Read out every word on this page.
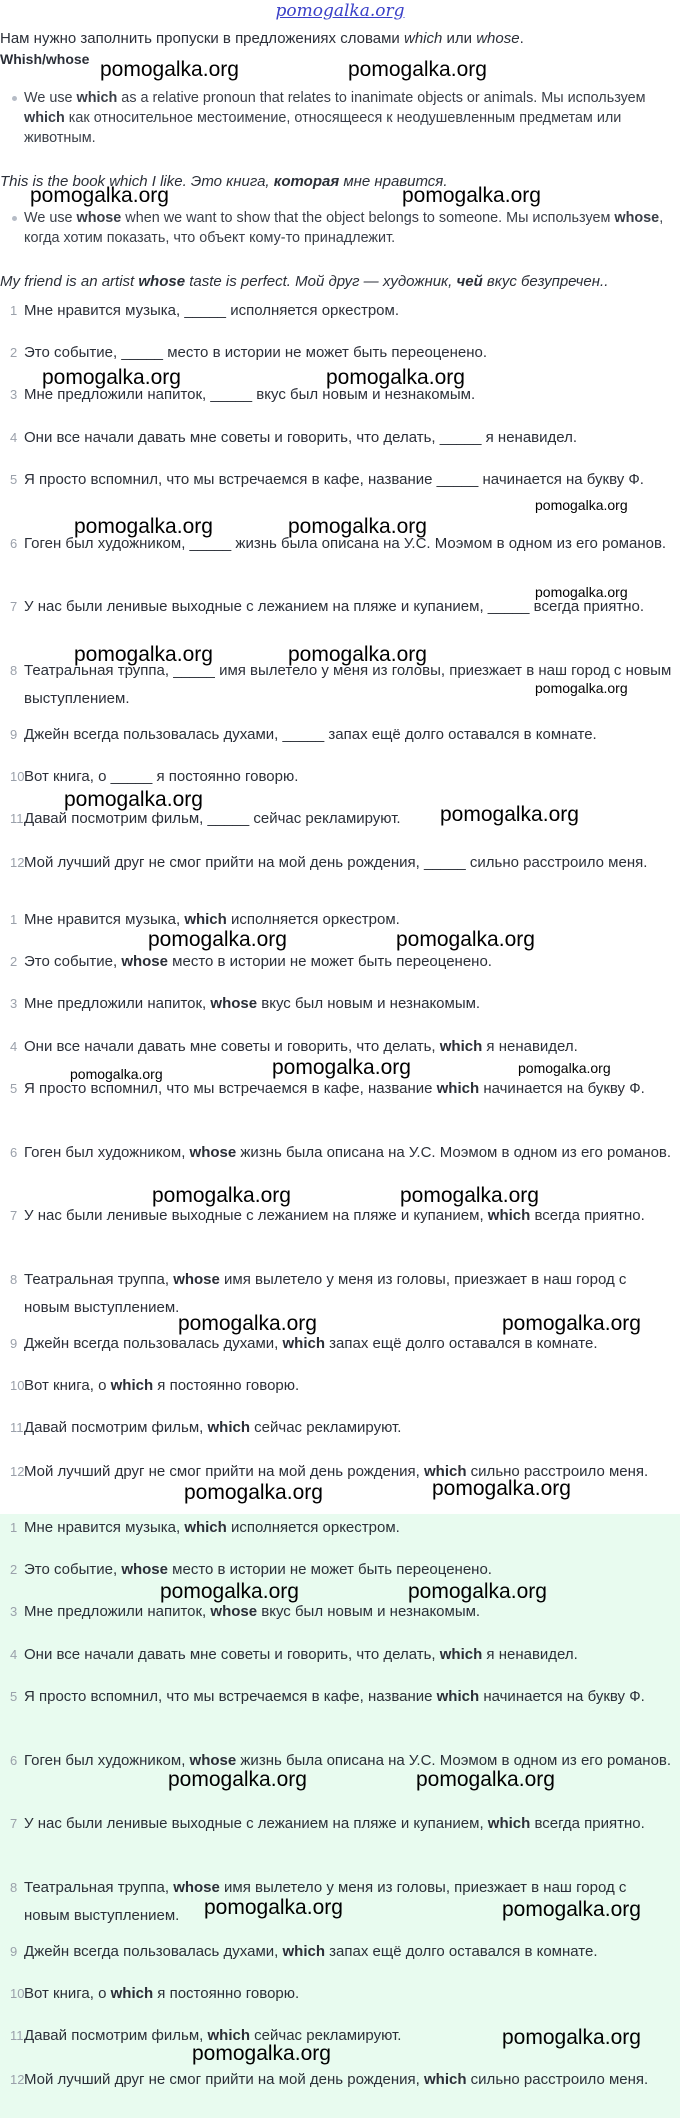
pomogalka.org
Нам нужно заполнить пропуски в предложениях словами which или whose.
Whish/whose
We use which as a relative pronoun that relates to inanimate objects or animals. Мы используем which как относительное местоимение, относящееся к неодушевленным предметам или животным.
This is the book which I like. Это книга, которая мне нравится.
We use whose when we want to show that the object belongs to someone. Мы используем whose, когда хотим показать, что объект кому-то принадлежит.
My friend is an artist whose taste is perfect. Мой друг — художник, чей вкус безупречен..
1 Мне нравится музыка, _____ исполняется оркестром.
2 Это событие, _____ место в истории не может быть переоценено.
3 Мне предложили напиток, _____ вкус был новым и незнакомым.
4 Они все начали давать мне советы и говорить, что делать, _____ я ненавидел.
5 Я просто вспомнил, что мы встречаемся в кафе, название _____ начинается на букву Ф.
6 Гоген был художником, _____ жизнь была описана на У.С. Моэмом в одном из его романов.
7 У нас были ленивые выходные с лежанием на пляже и купанием, _____ всегда приятно.
8 Театральная труппа, _____ имя вылетело у меня из головы, приезжает в наш город с новым выступлением.
9 Джейн всегда пользовалась духами, _____ запах ещё долго оставался в комнате.
10 Вот книга, о _____ я постоянно говорю.
11 Давай посмотрим фильм, _____ сейчас рекламируют.
12 Мой лучший друг не смог прийти на мой день рождения, _____ сильно расстроило меня.
1 Мне нравится музыка, which исполняется оркестром.
2 Это событие, whose место в истории не может быть переоценено.
3 Мне предложили напиток, whose вкус был новым и незнакомым.
4 Они все начали давать мне советы и говорить, что делать, which я ненавидел.
5 Я просто вспомнил, что мы встречаемся в кафе, название which начинается на букву Ф.
6 Гоген был художником, whose жизнь была описана на У.С. Моэмом в одном из его романов.
7 У нас были ленивые выходные с лежанием на пляже и купанием, which всегда приятно.
8 Театральная труппа, whose имя вылетело у меня из головы, приезжает в наш город с новым выступлением.
9 Джейн всегда пользовалась духами, which запах ещё долго оставался в комнате.
10 Вот книга, о which я постоянно говорю.
11 Давай посмотрим фильм, which сейчас рекламируют.
12 Мой лучший друг не смог прийти на мой день рождения, which сильно расстроило меня.
1 Мне нравится музыка, which исполняется оркестром.
2 Это событие, whose место в истории не может быть переоценено.
3 Мне предложили напиток, whose вкус был новым и незнакомым.
4 Они все начали давать мне советы и говорить, что делать, which я ненавидел.
5 Я просто вспомнил, что мы встречаемся в кафе, название which начинается на букву Ф.
6 Гоген был художником, whose жизнь была описана на У.С. Моэмом в одном из его романов.
7 У нас были ленивые выходные с лежанием на пляже и купанием, which всегда приятно.
8 Театральная труппа, whose имя вылетело у меня из головы, приезжает в наш город с новым выступлением.
9 Джейн всегда пользовалась духами, which запах ещё долго оставался в комнате.
10 Вот книга, о which я постоянно говорю.
11 Давай посмотрим фильм, which сейчас рекламируют.
12 Мой лучший друг не смог прийти на мой день рождения, which сильно расстроило меня.
pomogalka.org	pomogalka.org
pomogalka.org	pomogalka.org
pomogalka.org	pomogalka.org
pomogalka.org
pomogalka.org	pomogalka.org
pomogalka.org
pomogalka.org	pomogalka.org
pomogalka.org
pomogalka.org
pomogalka.org
pomogalka.org	pomogalka.org
pomogalka.org	pomogalka.org	pomogalka.org
pomogalka.org	pomogalka.org
pomogalka.org	pomogalka.org
pomogalka.org	pomogalka.org
pomogalka.org	pomogalka.org
pomogalka.org	pomogalka.org
pomogalka.org	pomogalka.org
pomogalka.org
pomogalka.org
